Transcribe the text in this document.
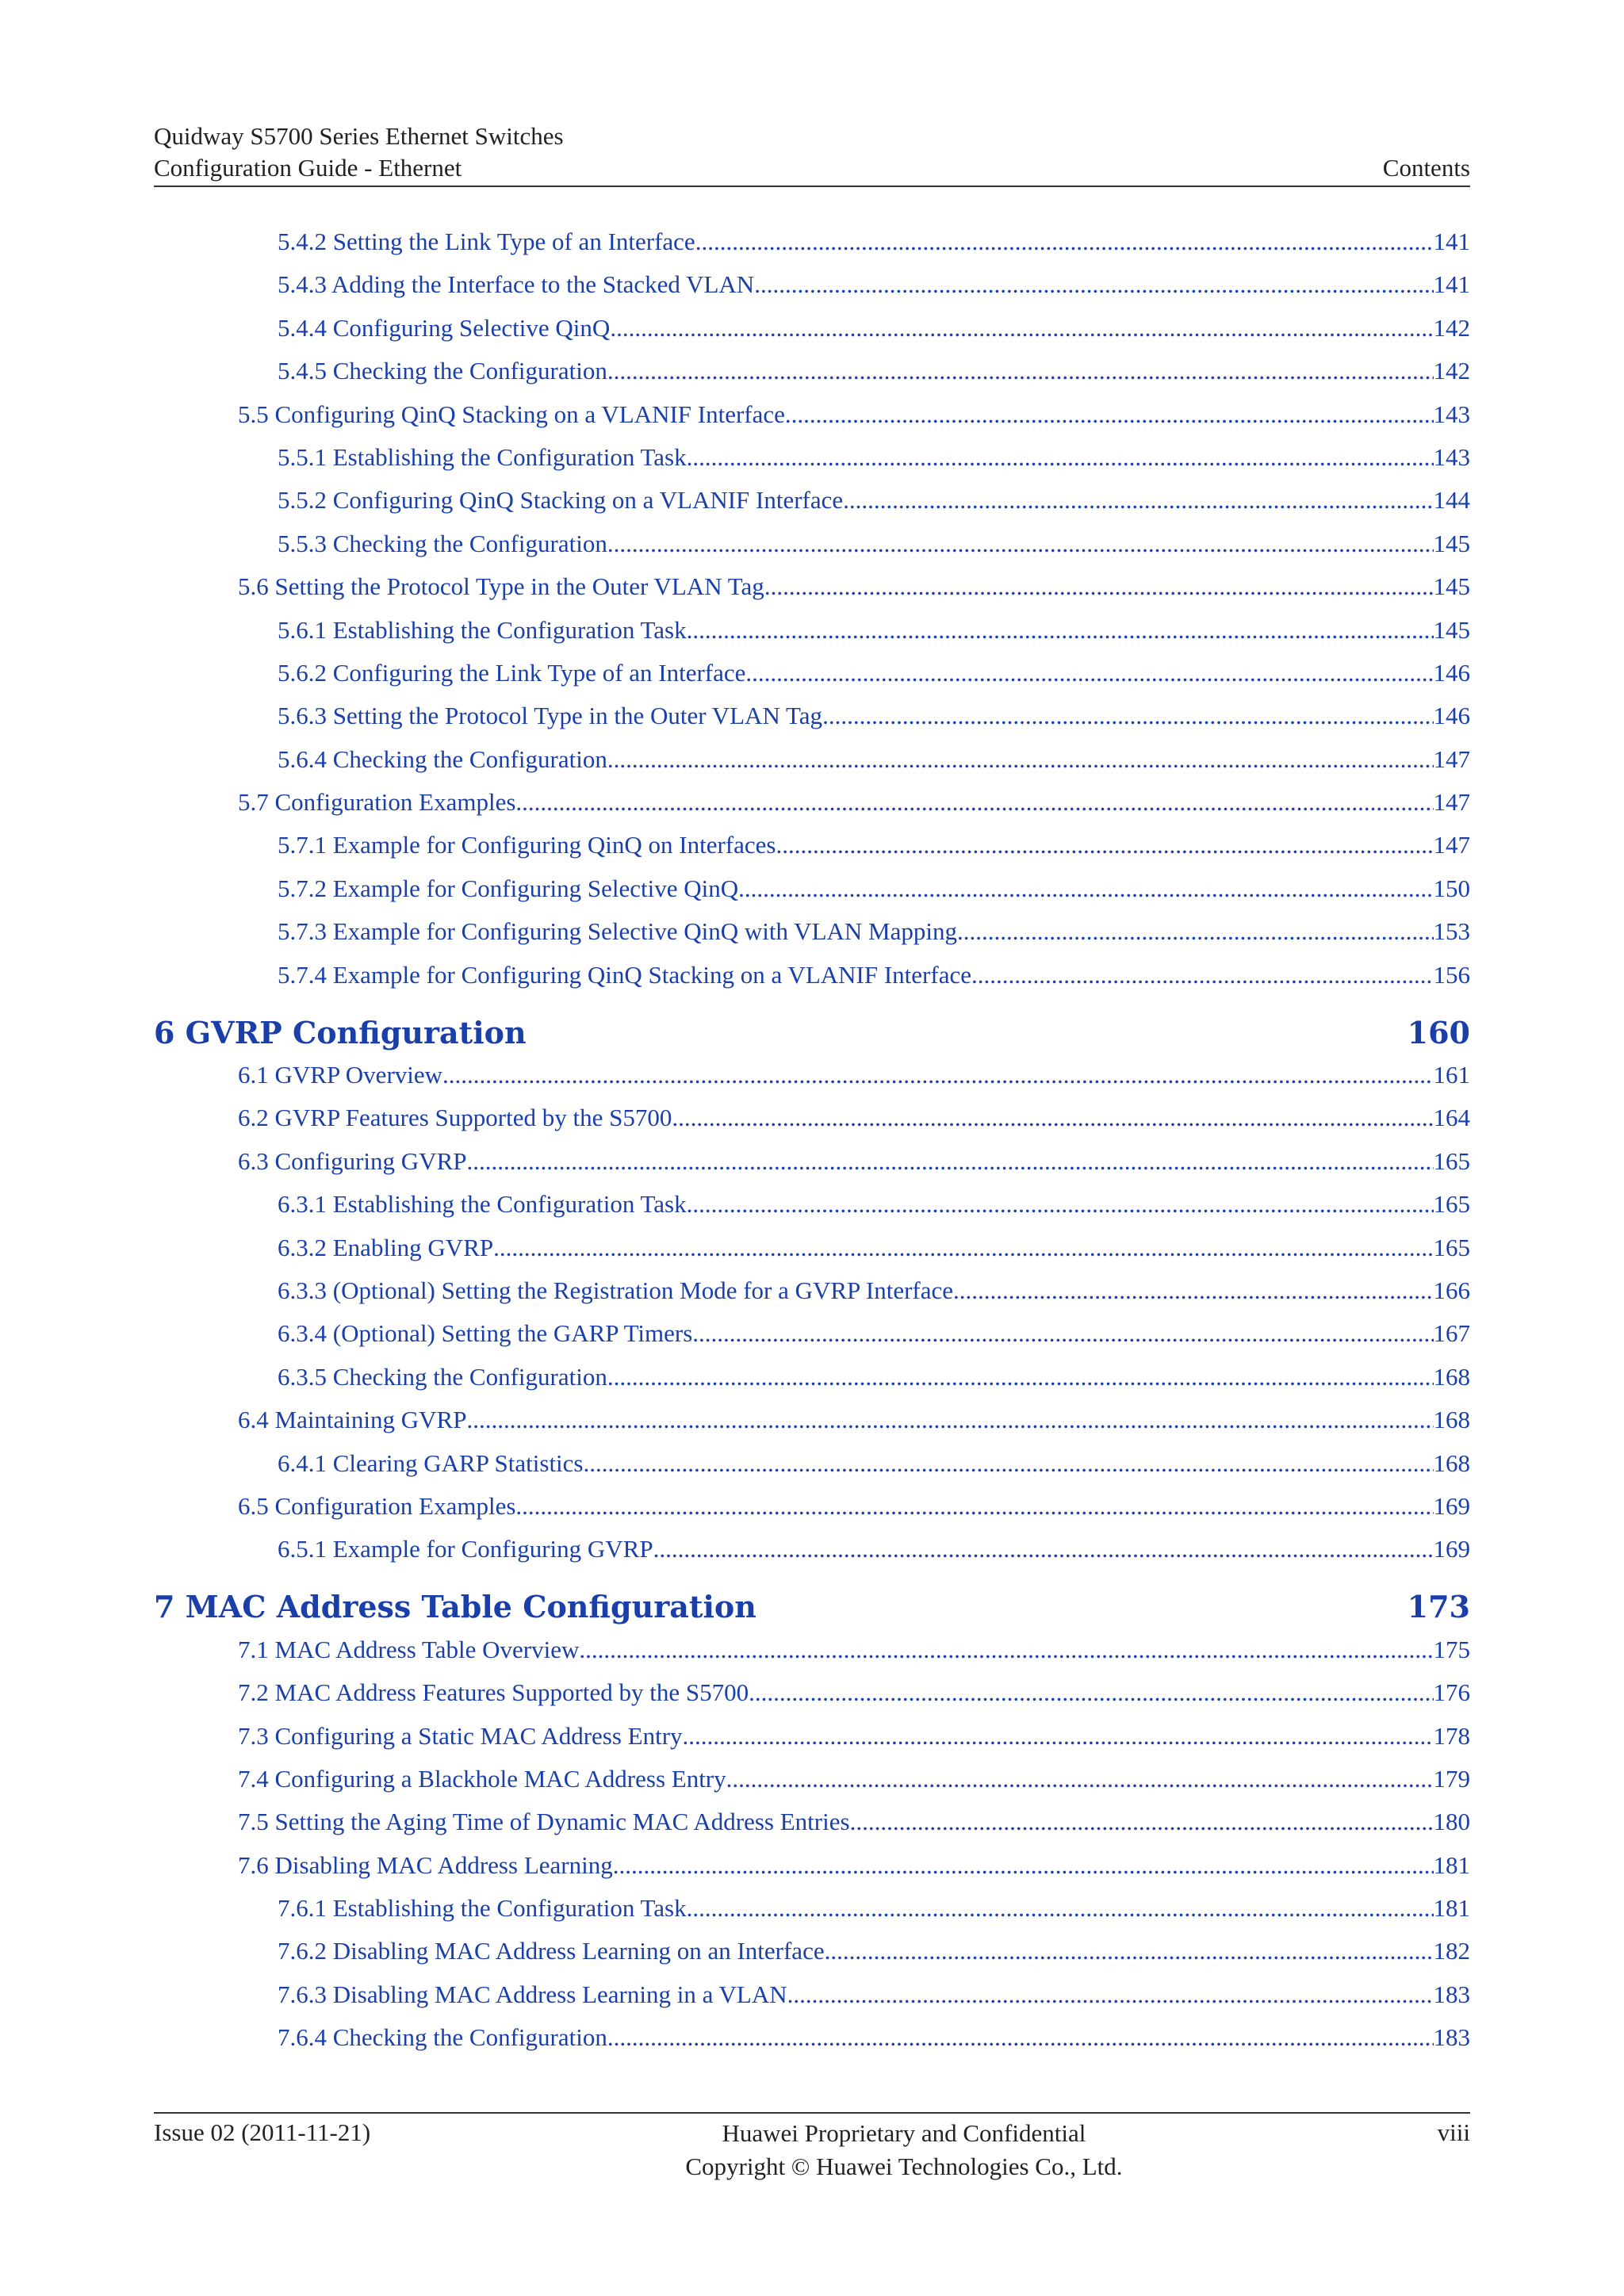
Quidway S5700 Series Ethernet Switches
Configuration Guide - Ethernet	Contents
5.4.2 Setting the Link Type of an Interface .....	141
5.4.3 Adding the Interface to the Stacked VLAN .....	141
5.4.4 Configuring Selective QinQ .....	142
5.4.5 Checking the Configuration .....	142
5.5 Configuring QinQ Stacking on a VLANIF Interface .....	143
5.5.1 Establishing the Configuration Task .....	143
5.5.2 Configuring QinQ Stacking on a VLANIF Interface .....	144
5.5.3 Checking the Configuration .....	145
5.6 Setting the Protocol Type in the Outer VLAN Tag .....	145
5.6.1 Establishing the Configuration Task .....	145
5.6.2 Configuring the Link Type of an Interface .....	146
5.6.3 Setting the Protocol Type in the Outer VLAN Tag .....	146
5.6.4 Checking the Configuration .....	147
5.7 Configuration Examples .....	147
5.7.1 Example for Configuring QinQ on Interfaces .....	147
5.7.2 Example for Configuring Selective QinQ .....	150
5.7.3 Example for Configuring Selective QinQ with VLAN Mapping .....	153
5.7.4 Example for Configuring QinQ Stacking on a VLANIF Interface .....	156
6 GVRP Configuration .....	160
6.1 GVRP Overview .....	161
6.2 GVRP Features Supported by the S5700 .....	164
6.3 Configuring GVRP .....	165
6.3.1 Establishing the Configuration Task .....	165
6.3.2 Enabling GVRP .....	165
6.3.3 (Optional) Setting the Registration Mode for a GVRP Interface .....	166
6.3.4 (Optional) Setting the GARP Timers .....	167
6.3.5 Checking the Configuration .....	168
6.4 Maintaining GVRP .....	168
6.4.1 Clearing GARP Statistics .....	168
6.5 Configuration Examples .....	169
6.5.1 Example for Configuring GVRP .....	169
7 MAC Address Table Configuration .....	173
7.1 MAC Address Table Overview .....	175
7.2 MAC Address Features Supported by the S5700 .....	176
7.3 Configuring a Static MAC Address Entry .....	178
7.4 Configuring a Blackhole MAC Address Entry .....	179
7.5 Setting the Aging Time of Dynamic MAC Address Entries .....	180
7.6 Disabling MAC Address Learning .....	181
7.6.1 Establishing the Configuration Task .....	181
7.6.2 Disabling MAC Address Learning on an Interface .....	182
7.6.3 Disabling MAC Address Learning in a VLAN .....	183
7.6.4 Checking the Configuration .....	183
Issue 02 (2011-11-21)	Huawei Proprietary and Confidential
Copyright © Huawei Technologies Co., Ltd.
viii
